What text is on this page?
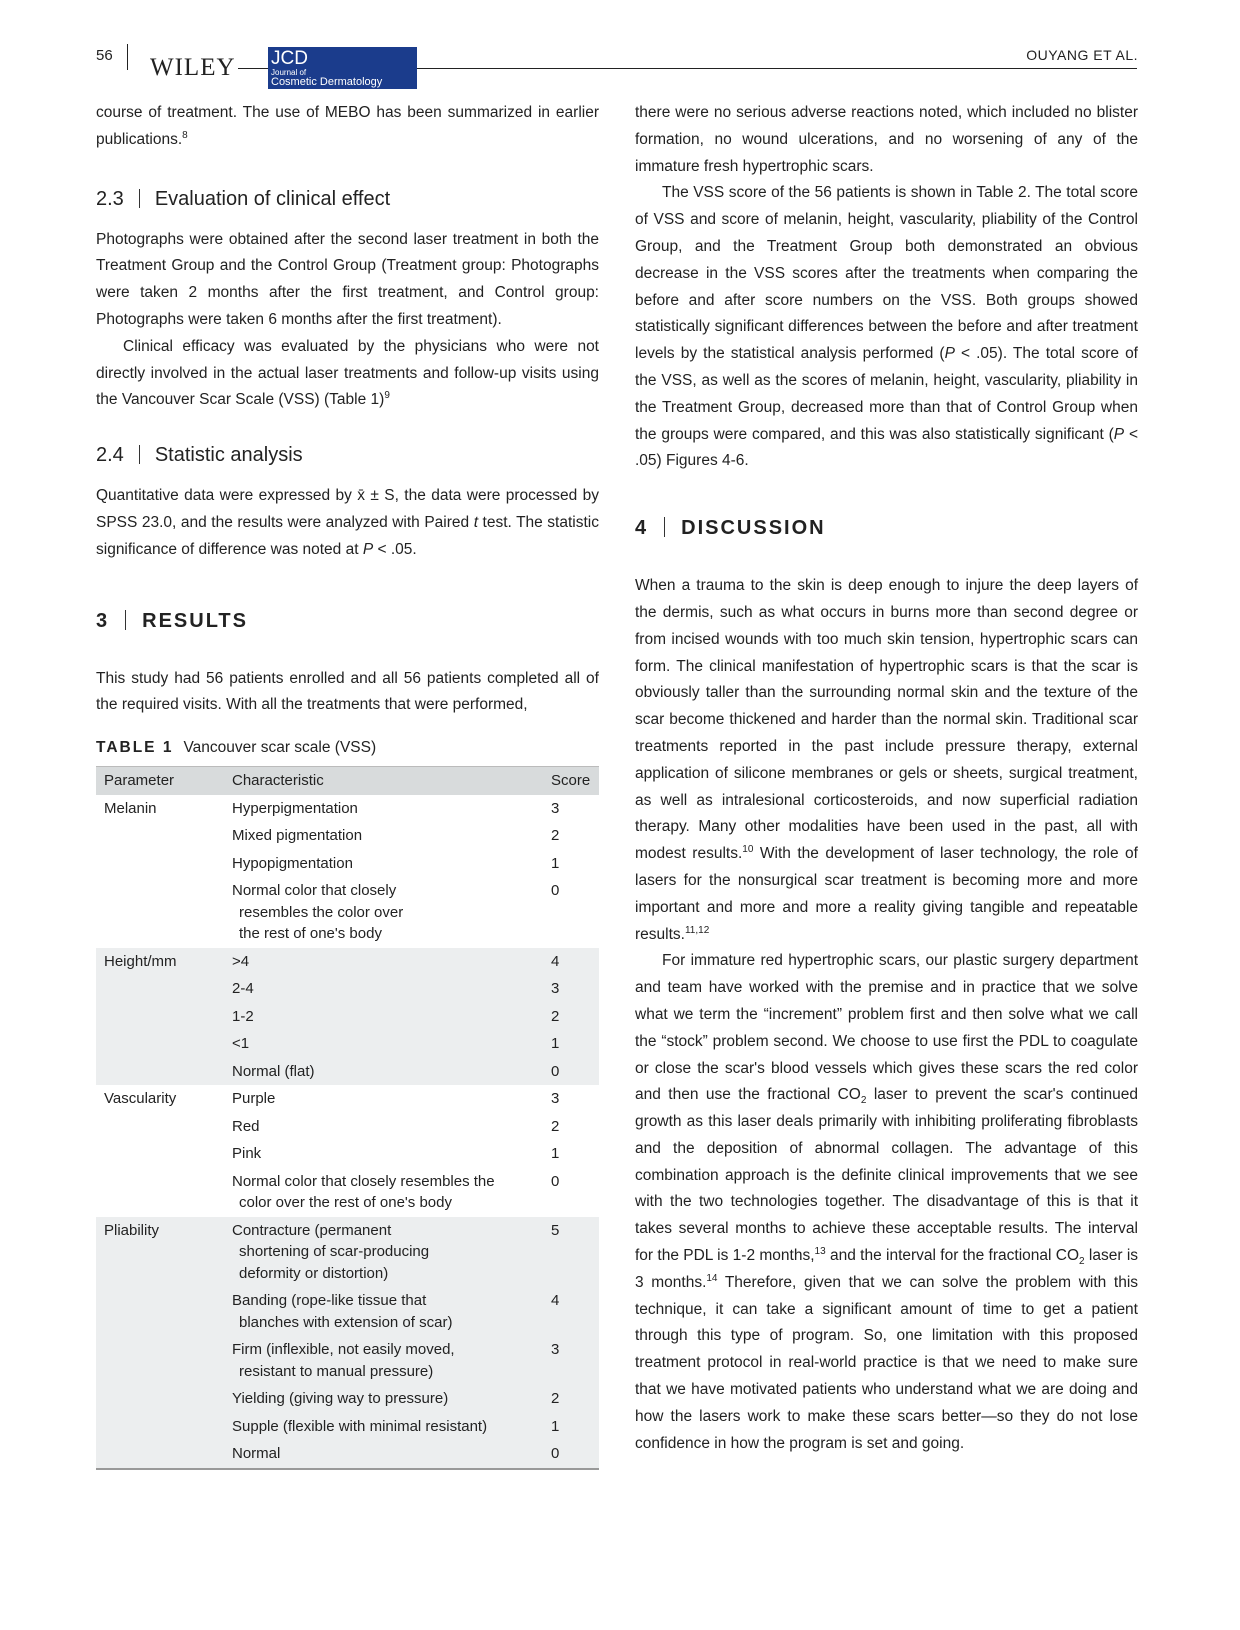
56 WILEY JCD
Journal of
Cosmetic Dermatology
OUYANG ET AL.

course of treatment. The use of MEBO has been summarized in earlier publications.$^8$

2.3 Evaluation of clinical effect

Photographs were obtained after the second laser treatment in both the Treatment Group and the Control Group (Treatment group: Photographs were taken 2 months after the first treatment, and Control group: Photographs were taken 6 months after the first treatment).

Clinical efficacy was evaluated by the physicians who were not directly involved in the actual laser treatments and follow-up visits using the Vancouver Scar Scale (VSS) (Table 1)$^9$

2.4 Statistic analysis

Quantitative data were expressed by x̄ ± S, the data were processed by SPSS 23.0, and the results were analyzed with Paired t test. The statistic significance of difference was noted at P < .05.

3 RESULTS

This study had 56 patients enrolled and all 56 patients completed all of the required visits. With all the treatments that were performed,

TABLE 1 Vancouver scar scale (VSS)
Parameter	Characteristic	Score
Melanin	Hyperpigmentation	3

	Mixed pigmentation	2

	Hypopigmentation	1

	Normal color that closely
resembles the color over
the rest of one's body	0
Height/mm	>4	4

	2-4	3

	1-2	2

	<1	1

	Normal (flat)	0
Vascularity	Purple	3

	Red	2

	Pink	1

	Normal color that closely resembles the
color over the rest of one's body	0
Pliability	Contracture (permanent
shortening of scar-producing
deformity or distortion)	5

	Banding (rope-like tissue that
blanches with extension of scar)	4

	Firm (inflexible, not easily moved,
resistant to manual pressure)	3

	Yielding (giving way to pressure)	2

	Supple (flexible with minimal resistant)	1

	Normal	0

there were no serious adverse reactions noted, which included no blister formation, no wound ulcerations, and no worsening of any of the immature fresh hypertrophic scars.

The VSS score of the 56 patients is shown in Table 2. The total score of VSS and score of melanin, height, vascularity, pliability of the Control Group, and the Treatment Group both demonstrated an obvious decrease in the VSS scores after the treatments when comparing the before and after score numbers on the VSS. Both groups showed statistically significant differences between the before and after treatment levels by the statistical analysis performed (P < .05). The total score of the VSS, as well as the scores of melanin, height, vascularity, pliability in the Treatment Group, decreased more than that of Control Group when the groups were compared, and this was also statistically significant (P < .05) Figures 4-6.

4 DISCUSSION

When a trauma to the skin is deep enough to injure the deep layers of the dermis, such as what occurs in burns more than second degree or from incised wounds with too much skin tension, hypertrophic scars can form. The clinical manifestation of hypertrophic scars is that the scar is obviously taller than the surrounding normal skin and the texture of the scar become thickened and harder than the normal skin. Traditional scar treatments reported in the past include pressure therapy, external application of silicone membranes or gels or sheets, surgical treatment, as well as intralesional corticosteroids, and now superficial radiation therapy. Many other modalities have been used in the past, all with modest results.$^{10}$ With the development of laser technology, the role of lasers for the nonsurgical scar treatment is becoming more and more important and more and more a reality giving tangible and repeatable results.$^{11,12}$

For immature red hypertrophic scars, our plastic surgery department and team have worked with the premise and in practice that we solve what we term the “increment” problem first and then solve what we call the “stock” problem second. We choose to use first the PDL to coagulate or close the scar's blood vessels which gives these scars the red color and then use the fractional $CO_2$ laser to prevent the scar's continued growth as this laser deals primarily with inhibiting proliferating fibroblasts and the deposition of abnormal collagen. The advantage of this combination approach is the definite clinical improvements that we see with the two technologies together. The disadvantage of this is that it takes several months to achieve these acceptable results. The interval for the PDL is 1-2 months,$^{13}$ and the interval for the fractional $CO_2$ laser is 3 months.$^{14}$ Therefore, given that we can solve the problem with this technique, it can take a significant amount of time to get a patient through this type of program. So, one limitation with this proposed treatment protocol in real-world practice is that we need to make sure that we have motivated patients who understand what we are doing and how the lasers work to make these scars better—so they do not lose confidence in how the program is set and going.
